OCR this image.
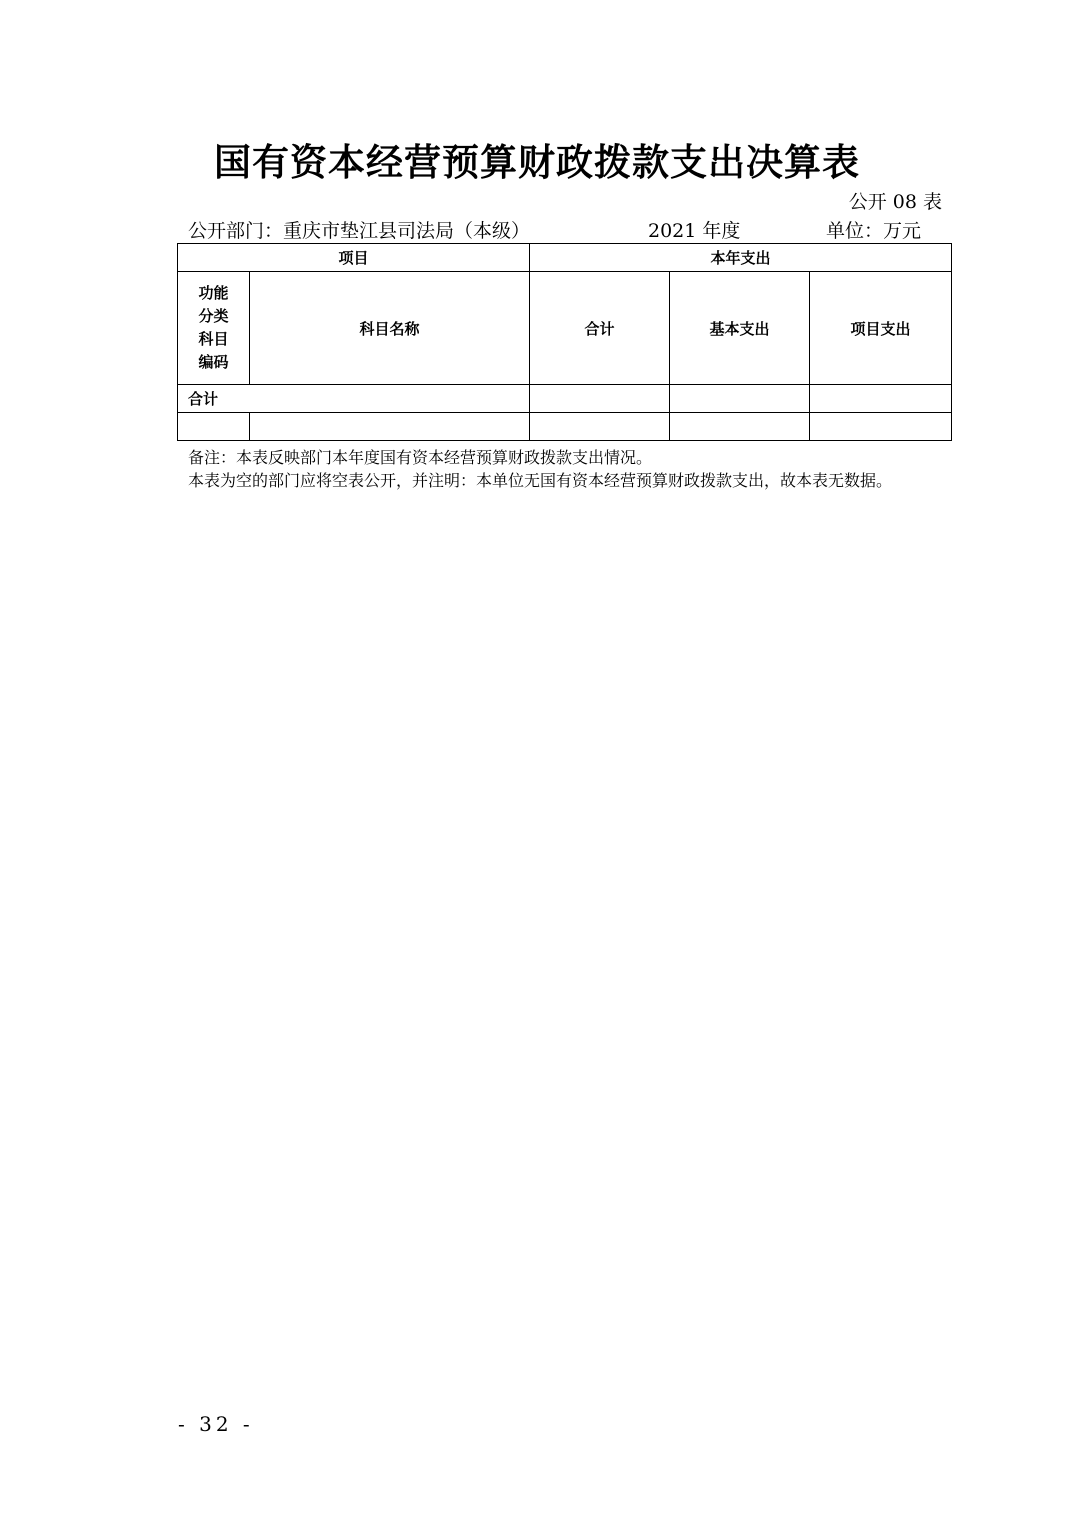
国有资本经营预算财政拨款支出决算表
公开 08 表
公开部门：重庆市垫江县司法局（本级）	2021 年度	单位：万元
项目		本年支出		
功能分类科目编码	科目名称	合计	基本支出	项目支出
合计				

备注：本表反映部门本年度国有资本经营预算财政拨款支出情况。
本表为空的部门应将空表公开，并注明：本单位无国有资本经营预算财政拨款支出，故本表无数据。
- 32 -
